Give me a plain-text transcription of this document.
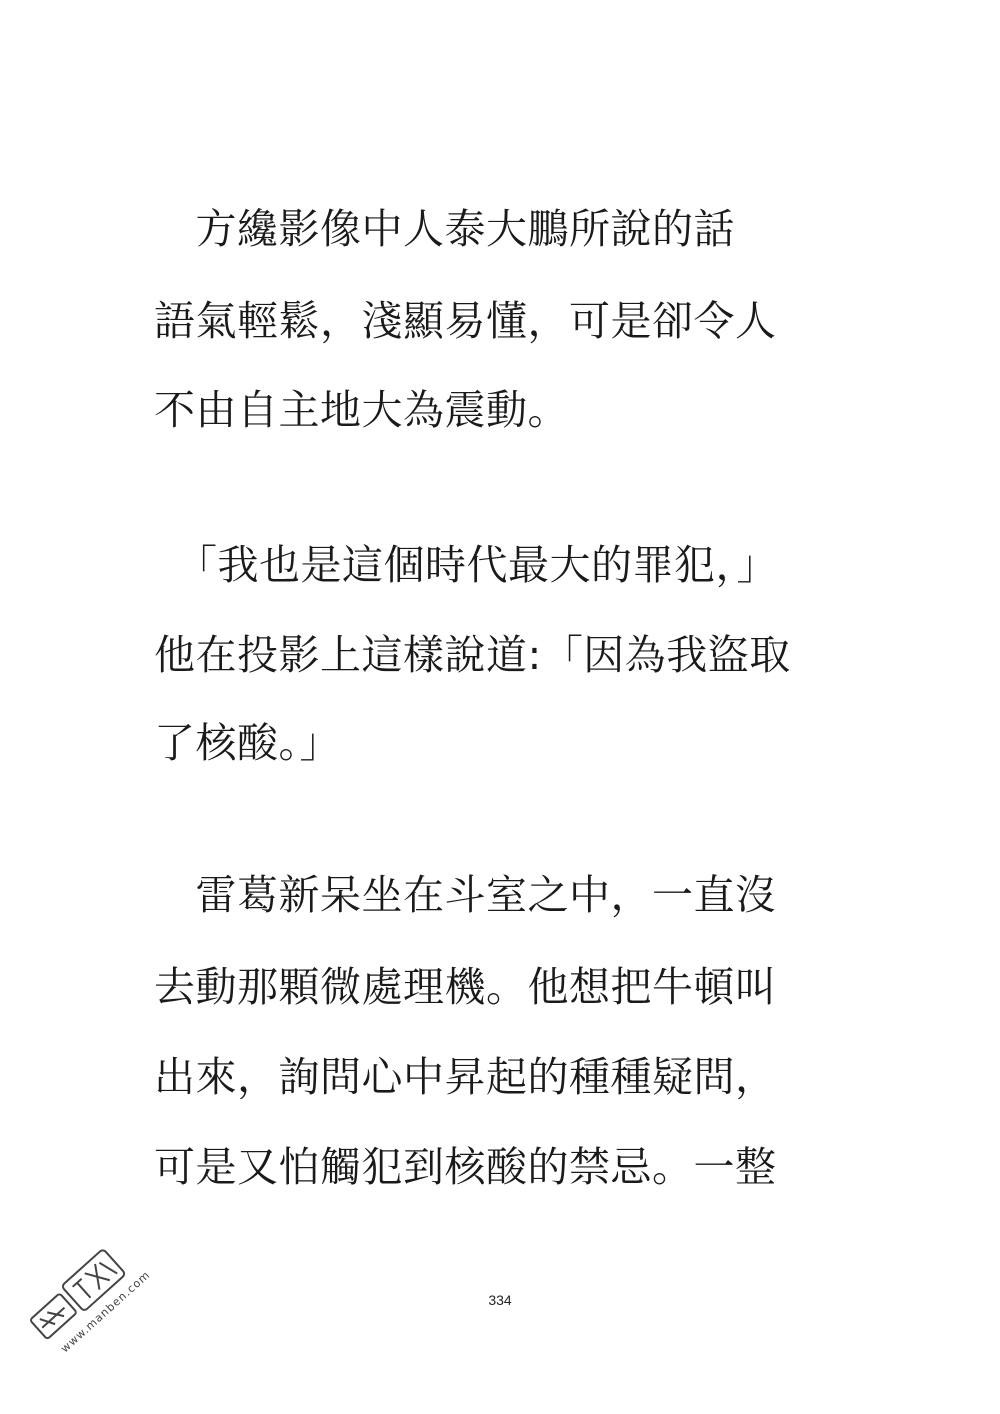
　方纔影像中人泰大鵬所說的話
語氣輕鬆，淺顯易懂，可是卻令人
不由自主地大為震動。
「我也是這個時代最大的罪犯，」
他在投影上這樣說道:「因為我盜取
了核酸。」
　雷葛新呆坐在斗室之中，一直沒
去動那顆微處理機。他想把牛頓叫
出來，詢問心中昇起的種種疑問，
可是又怕觸犯到核酸的禁忌。一整
334
www.manben.com
